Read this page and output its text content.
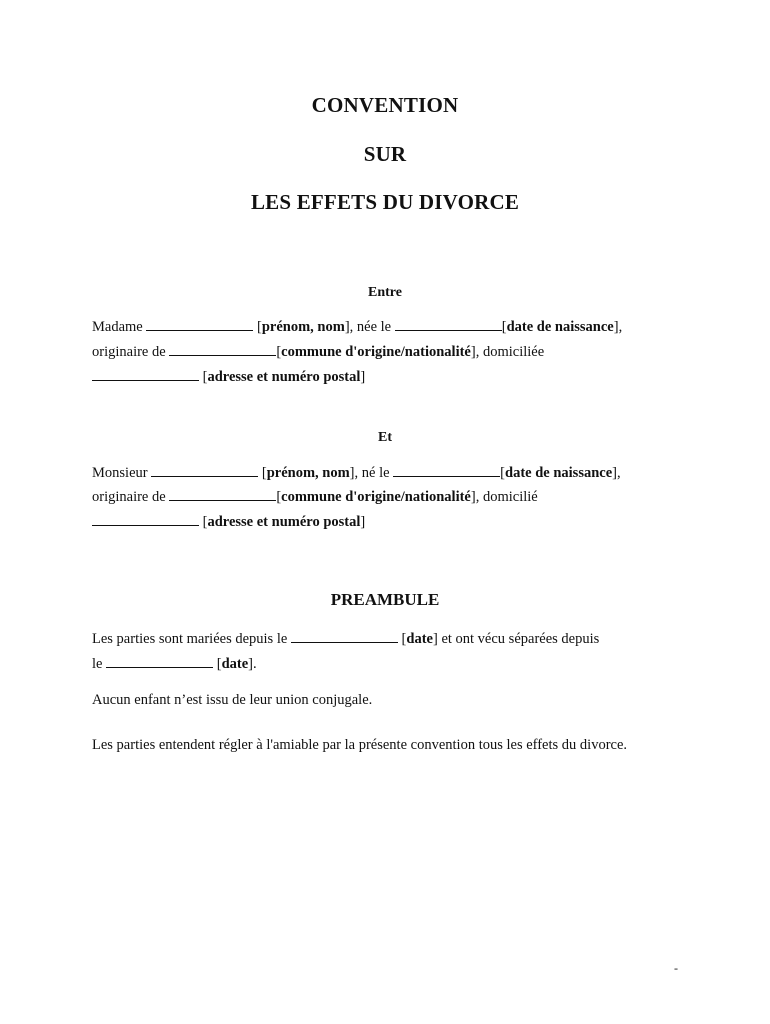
CONVENTION
SUR
LES EFFETS DU DIVORCE
Entre
Madame	[prénom, nom], née le	[date de naissance],
originaire de	[commune d'origine/nationalité], domiciliée
[adresse et numéro postal]
Et
Monsieur	[prénom, nom], né le	[date de naissance],
originaire de	[commune d'origine/nationalité], domicilié
[adresse et numéro postal]
PREAMBULE
Les parties sont mariées depuis le	[date] et ont vécu séparées depuis
le	[date].
Aucun enfant n’est issu de leur union conjugale.
Les parties entendent régler à l'amiable par la présente convention tous les effets du divorce.
-
